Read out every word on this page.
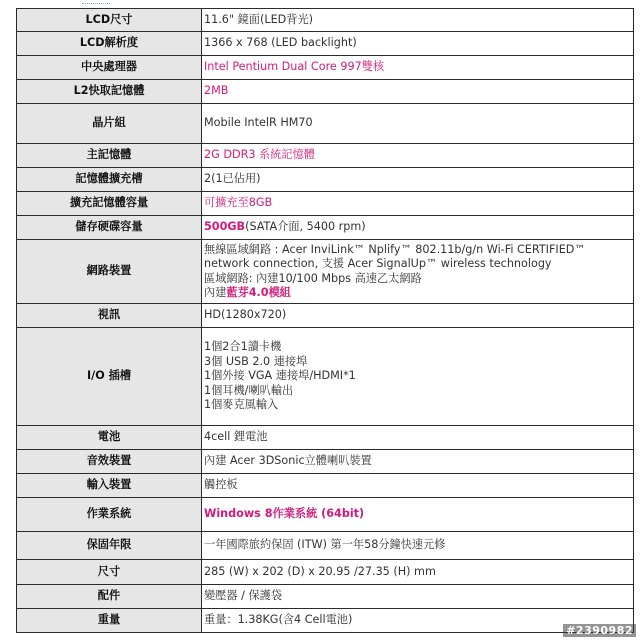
LCD尺寸	11.6" 鏡面(LED背光)
LCD解析度	1366 x 768 (LED backlight)
中央處理器	Intel Pentium Dual Core 997雙核
L2快取記憶體	2MB
晶片組	Mobile IntelR HM70
主記憶體	2G DDR3 系統記憶體
記憶體擴充槽	2(1已佔用)
擴充記憶體容量	可擴充至8GB
儲存硬碟容量	500GB(SATA介面, 5400 rpm)
網路裝置	無線區域網路 : Acer InviLink™ Nplify™ 802.11b/g/n Wi-Fi CERTIFIED™ network connection, 支援 Acer SignalUp™ wireless technology
區域網路: 內建10/100 Mbps 高速乙太網路
內建藍芽4.0模組

視訊	HD(1280x720)
I/O 插槽	1個2合1讀卡機
3個 USB 2.0 連接埠
1個外接 VGA 連接埠/HDMI*1
1個耳機/喇叭輸出
1個麥克風輸入

電池	4cell 鋰電池
音效裝置	內建 Acer 3DSonic立體喇叭裝置
輸入裝置	觸控板
作業系統	Windows 8作業系統 (64bit)
保固年限	一年國際旅約保固 (ITW) 第一年58分鐘快速元修
尺寸	285 (W) x 202 (D) x 20.95 /27.35 (H) mm
配件	變壓器 / 保護袋
重量	重量：1.38KG(含4 Cell電池)
#2390982
